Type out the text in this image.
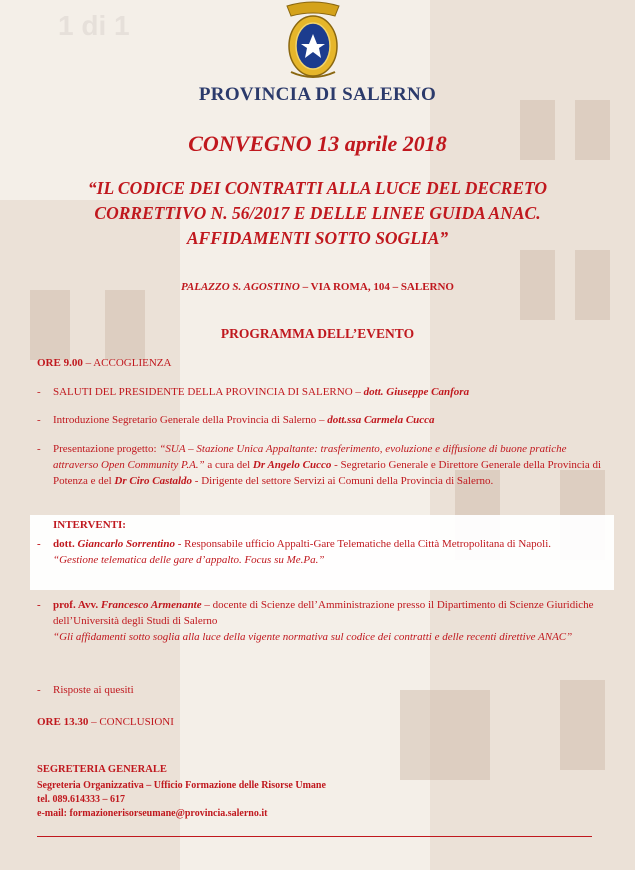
1 di 1
PROVINCIA DI SALERNO
CONVEGNO 13 aprile 2018
“IL CODICE DEI CONTRATTI ALLA LUCE DEL DECRETO
CORRETTIVO N. 56/2017 E DELLE LINEE GUIDA ANAC.
AFFIDAMENTI SOTTO SOGLIA”
PALAZZO S. AGOSTINO – VIA ROMA, 104 – SALERNO
PROGRAMMA DELL’EVENTO
ORE 9.00 – ACCOGLIENZA
-	SALUTI DEL PRESIDENTE DELLA PROVINCIA DI SALERNO – dott. Giuseppe Canfora
-	Introduzione Segretario Generale della Provincia di Salerno – dott.ssa Carmela Cucca
-	Presentazione progetto: “SUA – Stazione Unica Appaltante: trasferimento, evoluzione e diffusione di buone pratiche attraverso Open Community P.A.” a cura del Dr Angelo Cucco - Segretario Generale e Direttore Generale della Provincia di Potenza e del Dr Ciro Castaldo - Dirigente del settore Servizi ai Comuni della Provincia di Salerno.
INTERVENTI:
-	dott. Giancarlo Sorrentino - Responsabile ufficio Appalti-Gare Telematiche della Città Metropolitana di Napoli.
“Gestione telematica delle gare d’appalto. Focus su Me.Pa.”
-	prof. Avv. Francesco Armenante – docente di Scienze dell’Amministrazione presso il Dipartimento di Scienze Giuridiche dell’Università degli Studi di Salerno
“Gli affidamenti sotto soglia alla luce della vigente normativa sul codice dei contratti e delle recenti direttive ANAC”
-	Risposte ai quesiti
ORE 13.30 – CONCLUSIONI
SEGRETERIA GENERALE
Segreteria Organizzativa – Ufficio Formazione delle Risorse Umane
tel. 089.614333 – 617
e-mail: formazionerisorseumane@provincia.salerno.it
